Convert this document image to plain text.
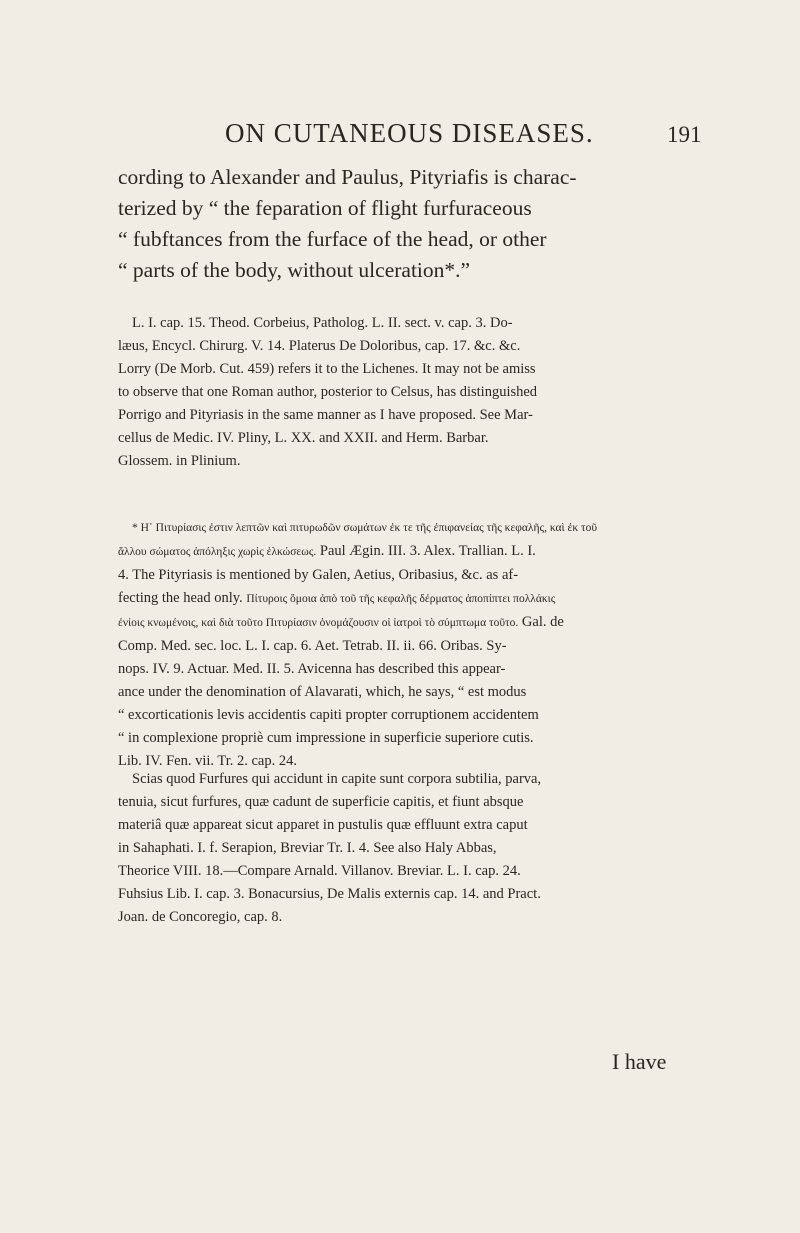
ON CUTANEOUS DISEASES.	191
cording to Alexander and Paulus, Pityriafis is charac-
terized by “ the feparation of flight furfuraceous
“ fubftances from the furface of the head, or other
“ parts of the body, without ulceration*.”
L. I. cap. 15. Theod. Corbeius, Patholog. L. II. sect. v. cap. 3. Do-
læus, Encycl. Chirurg. V. 14. Platerus De Doloribus, cap. 17. &c. &c.
Lorry (De Morb. Cut. 459) refers it to the Lichenes. It may not be amiss
to observe that one Roman author, posterior to Celsus, has distinguished
Porrigo and Pityriasis in the same manner as I have proposed. See Mar-
cellus de Medic. IV. Pliny, L. XX. and XXII. and Herm. Barbar.
Glossem. in Plinium.
* Η᾽ Πιτυρίασις ἐστιν λεπτῶν καὶ πιτυρωδῶν σωμάτων ἐκ τε τῆς ἐπιφανείας τῆς κεφαλῆς, καὶ ἐκ τοῦ
ἄλλου σώματος ἀπόληξις χωρὶς ἑλκώσεως. Paul Ægin. III. 3. Alex. Trallian. L. I.
4. The Pityriasis is mentioned by Galen, Aetius, Oribasius, &c. as af-
fecting the head only. Πίτυροις ὅμοια ἀπὸ τοῦ τῆς κεφαλῆς δέρματος ἀποπίπτει πολλάκις
ἐνίοις κνωμένοις, καὶ διὰ τοῦτο Πιτυρίασιν ὀνομάζουσιν οἱ ἰατροὶ τὸ σύμπτωμα τοῦτο. Gal. de
Comp. Med. sec. loc. L. I. cap. 6. Aet. Tetrab. II. ii. 66. Oribas. Sy-
nops. IV. 9. Actuar. Med. II. 5. Avicenna has described this appear-
ance under the denomination of Alavarati, which, he says, “ est modus
“ excorticationis levis accidentis capiti propter corruptionem accidentem
“ in complexione propriè cum impressione in superficie superiore cutis.
Lib. IV. Fen. vii. Tr. 2. cap. 24.
Scias quod Furfures qui accidunt in capite sunt corpora subtilia, parva,
tenuia, sicut furfures, quæ cadunt de superficie capitis, et fiunt absque
materiâ quæ appareat sicut apparet in pustulis quæ effluunt extra caput
in Sahaphati. I. f. Serapion, Breviar Tr. I. 4. See also Haly Abbas,
Theorice VIII. 18.—Compare Arnald. Villanov. Breviar. L. I. cap. 24.
Fuhsius Lib. I. cap. 3. Bonacursius, De Malis externis cap. 14. and Pract.
Joan. de Concoregio, cap. 8.
I have
